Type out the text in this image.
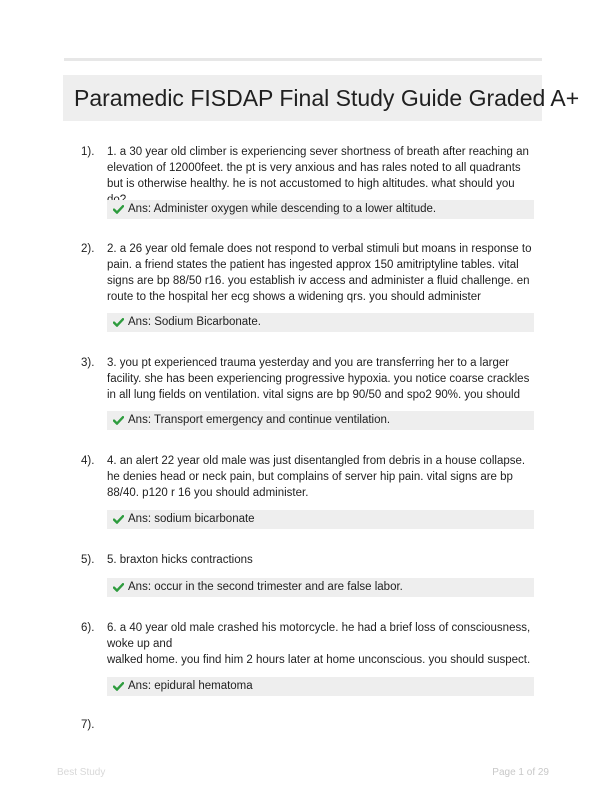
Paramedic FISDAP Final Study Guide Graded A+
1). 1. a 30 year old climber is experiencing sever shortness of breath after reaching an elevation of 12000feet. the pt is very anxious and has rales noted to all quadrants but is otherwise healthy. he is not accustomed to high altitudes. what should you
Ans: Administer oxygen while descending to a lower altitude.
2). 2. a 26 year old female does not respond to verbal stimuli but moans in response to pain. a friend states the patient has ingested approx 150 amitriptyline tables. vital signs are bp 88/50 r16. you establish iv access and administer a fluid challenge. en route to the hospital her ecg shows a widening qrs. you should administer
Ans: Sodium Bicarbonate.
3). 3. you pt experienced trauma yesterday and you are transferring her to a larger facility. she has been experiencing progressive hypoxia. you notice coarse crackles in all lung fields on ventilation. vital signs are bp 90/50 and spo2 90%. you should
Ans: Transport emergency and continue ventilation.
4). 4. an alert 22 year old male was just disentangled from debris in a house collapse. he denies head or neck pain, but complains of server hip pain. vital signs are bp 88/40. p120 r 16 you should administer.
Ans: sodium bicarbonate
5). 5. braxton hicks contractions
Ans: occur in the second trimester and are false labor.
6). 6. a 40 year old male crashed his motorcycle. he had a brief loss of consciousness, woke up and
walked home. you find him 2 hours later at home unconscious. you should suspect.
Ans: epidural hematoma
7).
Best Study	Page 1 of 29
